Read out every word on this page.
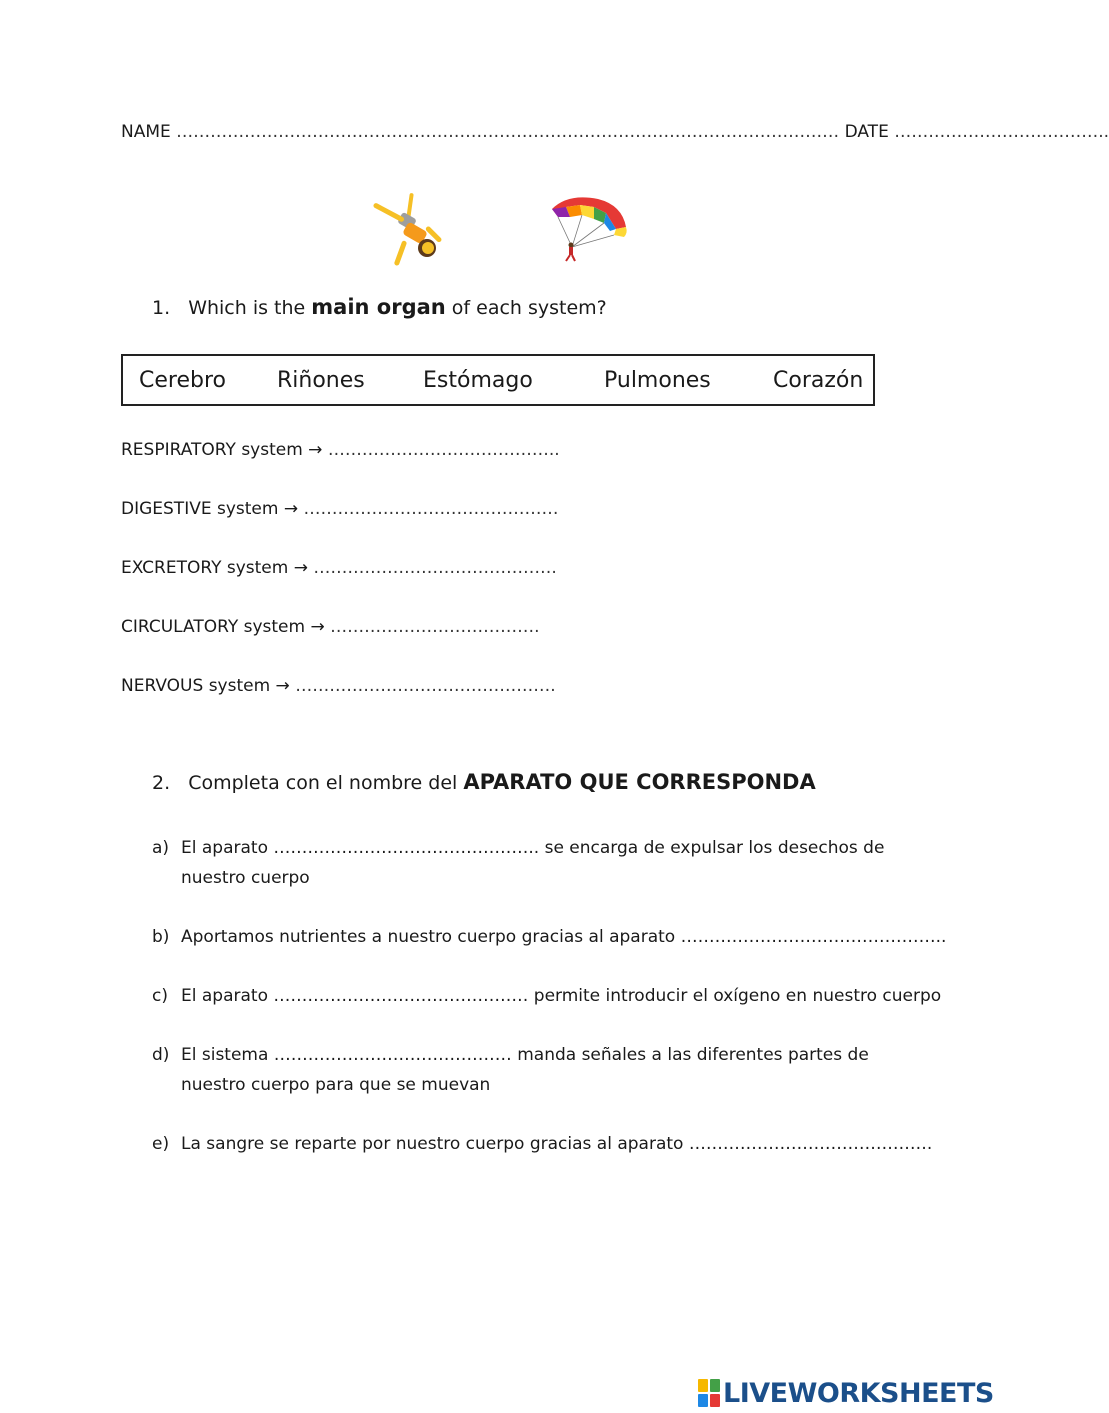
NAME ……………………………………………………………………………………………………… DATE ………………………………..
1. Which is the main organ of each system?
Cerebro Riñones	Estómago	Pulmones	Corazón
RESPIRATORY system → …………………………………..
DIGESTIVE system → ………………………………………
EXCRETORY system → …………………………………….
CIRCULATORY system → ……………………………….
NERVOUS system → ……………………………………….
2. Completa con el nombre del APARATO QUE CORRESPONDA
a) El aparato ……………………………………….. se encarga de expulsar los desechos de

nuestro cuerpo
b) Aportamos nutrientes a nuestro cuerpo gracias al aparato ………………………………………..
c) El aparato ……………………………………… permite introducir el oxígeno en nuestro cuerpo
d) El sistema …………………………………… manda señales a las diferentes partes de

nuestro cuerpo para que se muevan
e) La sangre se reparte por nuestro cuerpo gracias al aparato …………………………………….
LIVEWORKSHEETS
